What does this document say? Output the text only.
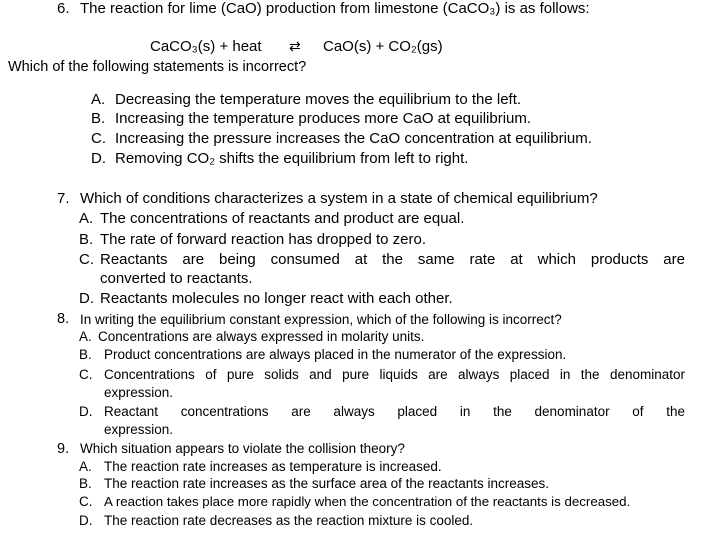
6. The reaction for lime (CaO) production from limestone (CaCO₃) is as follows:
CaCO₃(s) + heat ⇄ CaO(s) + CO₂(gs)
Which of the following statements is incorrect?
A. Decreasing the temperature moves the equilibrium to the left.
B. Increasing the temperature produces more CaO at equilibrium.
C. Increasing the pressure increases the CaO concentration at equilibrium.
D. Removing CO₂ shifts the equilibrium from left to right.
7. Which of conditions characterizes a system in a state of chemical equilibrium?
A. The concentrations of reactants and product are equal.
B. The rate of forward reaction has dropped to zero.
C. Reactants are being consumed at the same rate at which products are
converted to reactants.
D. Reactants molecules no longer react with each other.
8. In writing the equilibrium constant expression, which of the following is incorrect?
A. Concentrations are always expressed in molarity units.
B. Product concentrations are always placed in the numerator of the expression.
C. Concentrations of pure solids and pure liquids are always placed in the denominator
expression.
D. Reactant concentrations are always placed in the denominator of the
expression.
9. Which situation appears to violate the collision theory?
A. The reaction rate increases as temperature is increased.
B. The reaction rate increases as the surface area of the reactants increases.
C. A reaction takes place more rapidly when the concentration of the reactants is decreased.
D. The reaction rate decreases as the reaction mixture is cooled.
